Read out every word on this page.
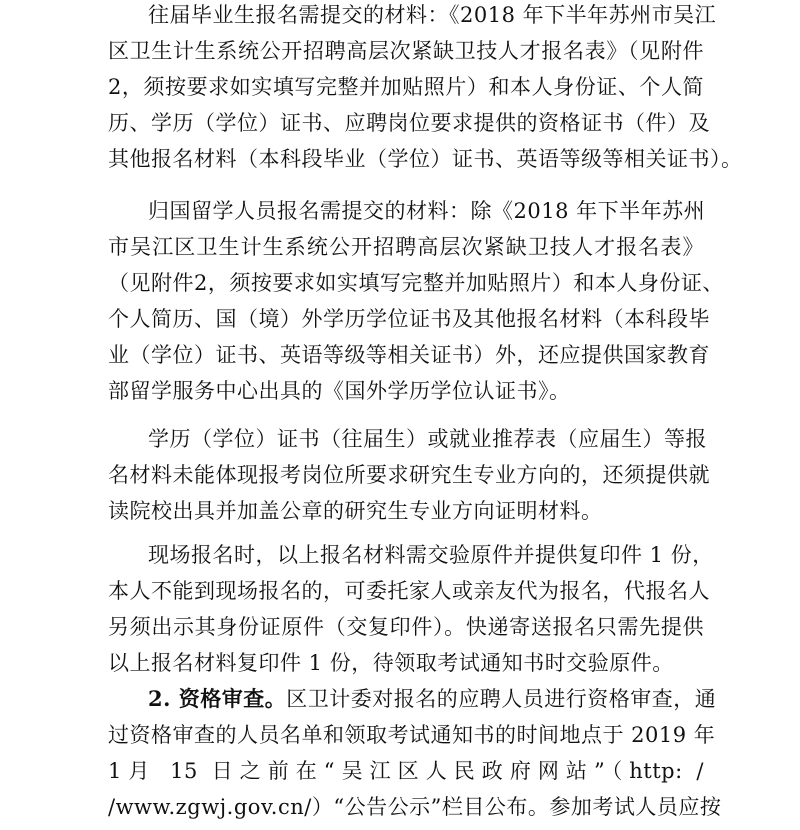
往届毕业生报名需提交的材料：《2018 年下半年苏州市吴江
区卫生计生系统公开招聘高层次紧缺卫技人才报名表》（见附件
2，须按要求如实填写完整并加贴照片）和本人身份证、个人简
历、学历（学位）证书、应聘岗位要求提供的资格证书（件）及
其他报名材料（本科段毕业（学位）证书、英语等级等相关证书）。
归国留学人员报名需提交的材料：除《2018 年下半年苏州
市吴江区卫生计生系统公开招聘高层次紧缺卫技人才报名表》
（见附件2，须按要求如实填写完整并加贴照片）和本人身份证、
个人简历、国（境）外学历学位证书及其他报名材料（本科段毕
业（学位）证书、英语等级等相关证书）外，还应提供国家教育
部留学服务中心出具的《国外学历学位认证书》。
学历（学位）证书（往届生）或就业推荐表（应届生）等报
名材料未能体现报考岗位所要求研究生专业方向的，还须提供就
读院校出具并加盖公章的研究生专业方向证明材料。
现场报名时，以上报名材料需交验原件并提供复印件 1 份，
本人不能到现场报名的，可委托家人或亲友代为报名，代报名人
另须出示其身份证原件（交复印件）。快递寄送报名只需先提供
以上报名材料复印件 1 份，待领取考试通知书时交验原件。
2. 资格审查。区卫计委对报名的应聘人员进行资格审查，通
过资格审查的人员名单和领取考试通知书的时间地点于 2019 年
1月 15 日之前在“吴江区人民政府网站”（http: /
/www.zgwj.gov.cn/）“公告公示”栏目公布。参加考试人员应按
